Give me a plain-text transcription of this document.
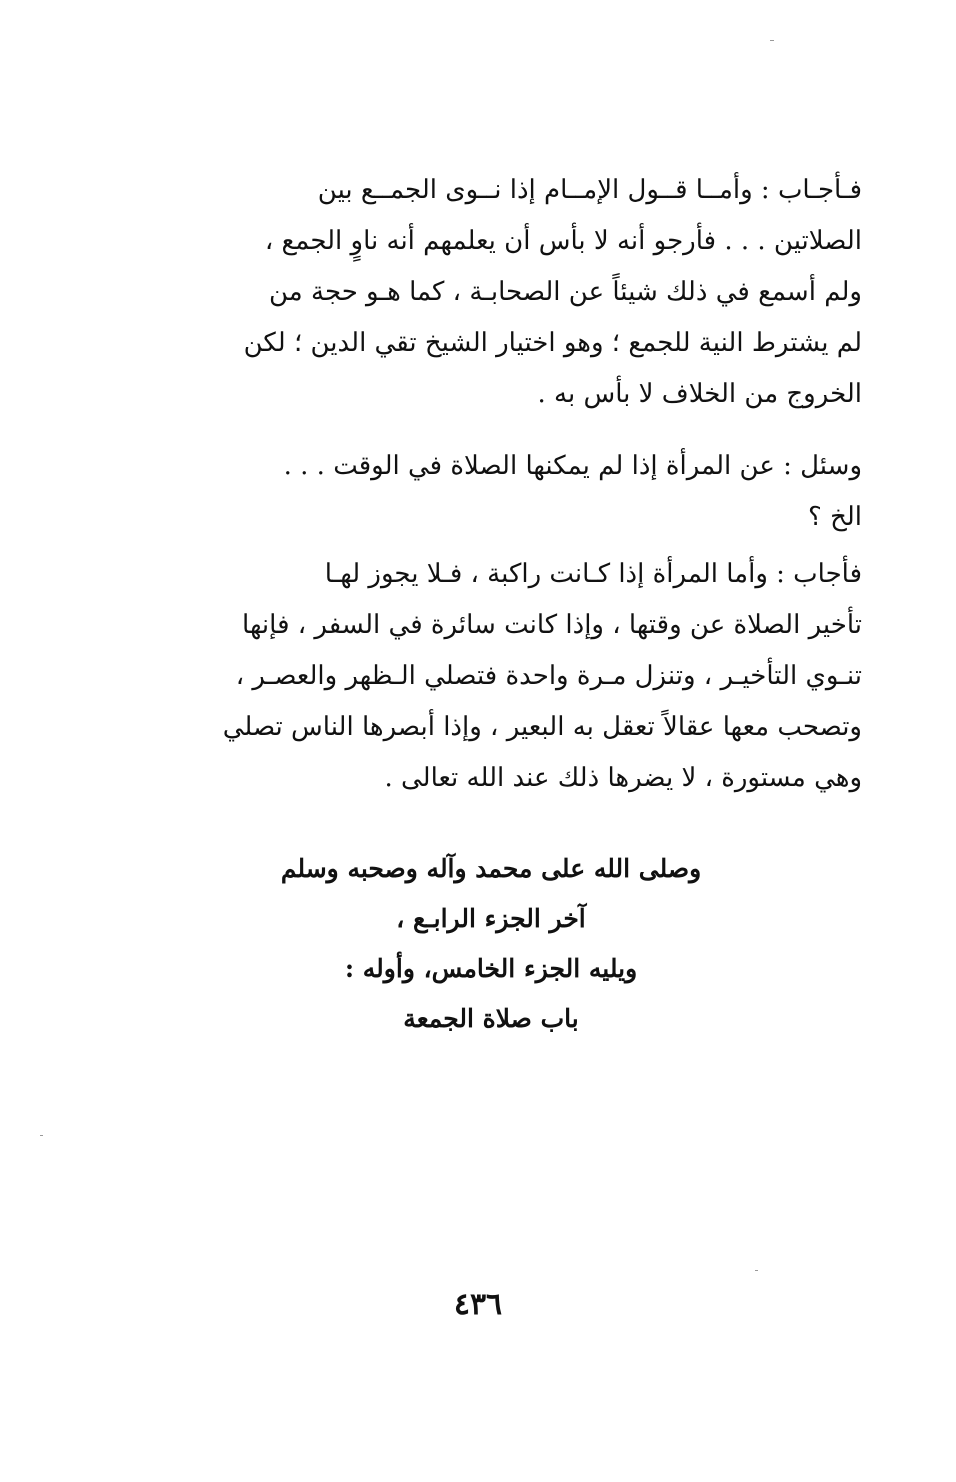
فـأجـاب : وأمــا قــول الإمــام إذا نــوى الجمــع بين
الصلاتين . . . فأرجو أنه لا بأس أن يعلمهم أنه ناوٍ الجمع ،
ولم أسمع في ذلك شيئاً عن الصحابـة ، كما هـو حجة من
لم يشترط النية للجمع ؛ وهو اختيار الشيخ تقي الدين ؛ لكن
الخروج من الخلاف لا بأس به .
وسئل : عن المرأة إذا لم يمكنها الصلاة في الوقت . . .
الخ ؟
فأجاب : وأما المرأة إذا كـانت راكبة ، فـلا يجوز لهـا
تأخير الصلاة عن وقتها ، وإذا كانت سائرة في السفر ، فإنها
تنـوي التأخيـر ، وتنزل مـرة واحدة فتصلي الـظهر والعصـر ،
وتصحب معها عقالاً تعقل به البعير ، وإذا أبصرها الناس تصلي
وهي مستورة ، لا يضرها ذلك عند الله تعالى .
وصلى الله على محمد وآله وصحبه وسلم
آخر الجزء الرابـع ،
ويليه الجزء الخامس، وأوله :
باب صلاة الجمعة
٤٣٦
